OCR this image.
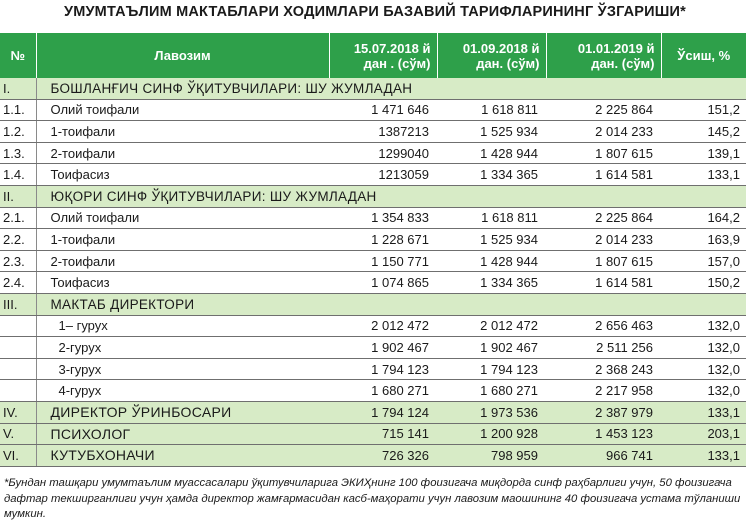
УМУМТАЪЛИМ МАКТАБЛАРИ ХОДИМЛАРИ БАЗАВИЙ ТАРИФЛАРИНИНГ ЎЗГАРИШИ*
№	Лавозим	15.07.2018 й
дан . (сўм)	01.09.2018 й
дан. (сўм)	01.01.2019 й
дан. (сўм)	Ўсиш, %
I.	БОШЛАНҒИЧ СИНФ ЎҚИТУВЧИЛАРИ: ШУ ЖУМЛАДАН				
1.1.	Олий тоифали	1 471 646	1 618 811	2 225 864	151,2
1.2.	1-тоифали	1387213	1 525 934	2 014 233	145,2
1.3.	2-тоифали	1299040	1 428 944	1 807 615	139,1
1.4.	Тоифасиз	1213059	1 334 365	1 614 581	133,1
II.	ЮҚОРИ СИНФ ЎҚИТУВЧИЛАРИ: ШУ ЖУМЛАДАН				
2.1.	Олий тоифали	1 354 833	1 618 811	2 225 864	164,2
2.2.	1-тоифали	1 228 671	1 525 934	2 014 233	163,9
2.3.	2-тоифали	1 150 771	1 428 944	1 807 615	157,0
2.4.	Тоифасиз	1 074 865	1 334 365	1 614 581	150,2
III.	МАКТАБ ДИРЕКТОРИ				
	1– гурух	2 012 472	2 012 472	2 656 463	132,0
	2-гурух	1 902 467	1 902 467	2 511 256	132,0
	3-гурух	1 794 123	1 794 123	2 368 243	132,0
	4-гурух	1 680 271	1 680 271	2 217 958	132,0
IV.	ДИРЕКТОР ЎРИНБОСАРИ	1 794 124	1 973 536	2 387 979	133,1
V.	ПСИХОЛОГ	715 141	1 200 928	1 453 123	203,1
VI.	КУТУБХОНАЧИ	726 326	798 959	966 741	133,1
*Бундан ташқари умумтаълим муассасалари ўқитувчиларига ЭКИҲнинг 100 фоизигача миқдорда синф раҳбарлиги учун, 50 фоизигача дафтар текширганлиги учун ҳамда директор жамғармасидан касб-маҳорати учун лавозим маошининг 40 фоизигача устама тўланиши мумкин.
